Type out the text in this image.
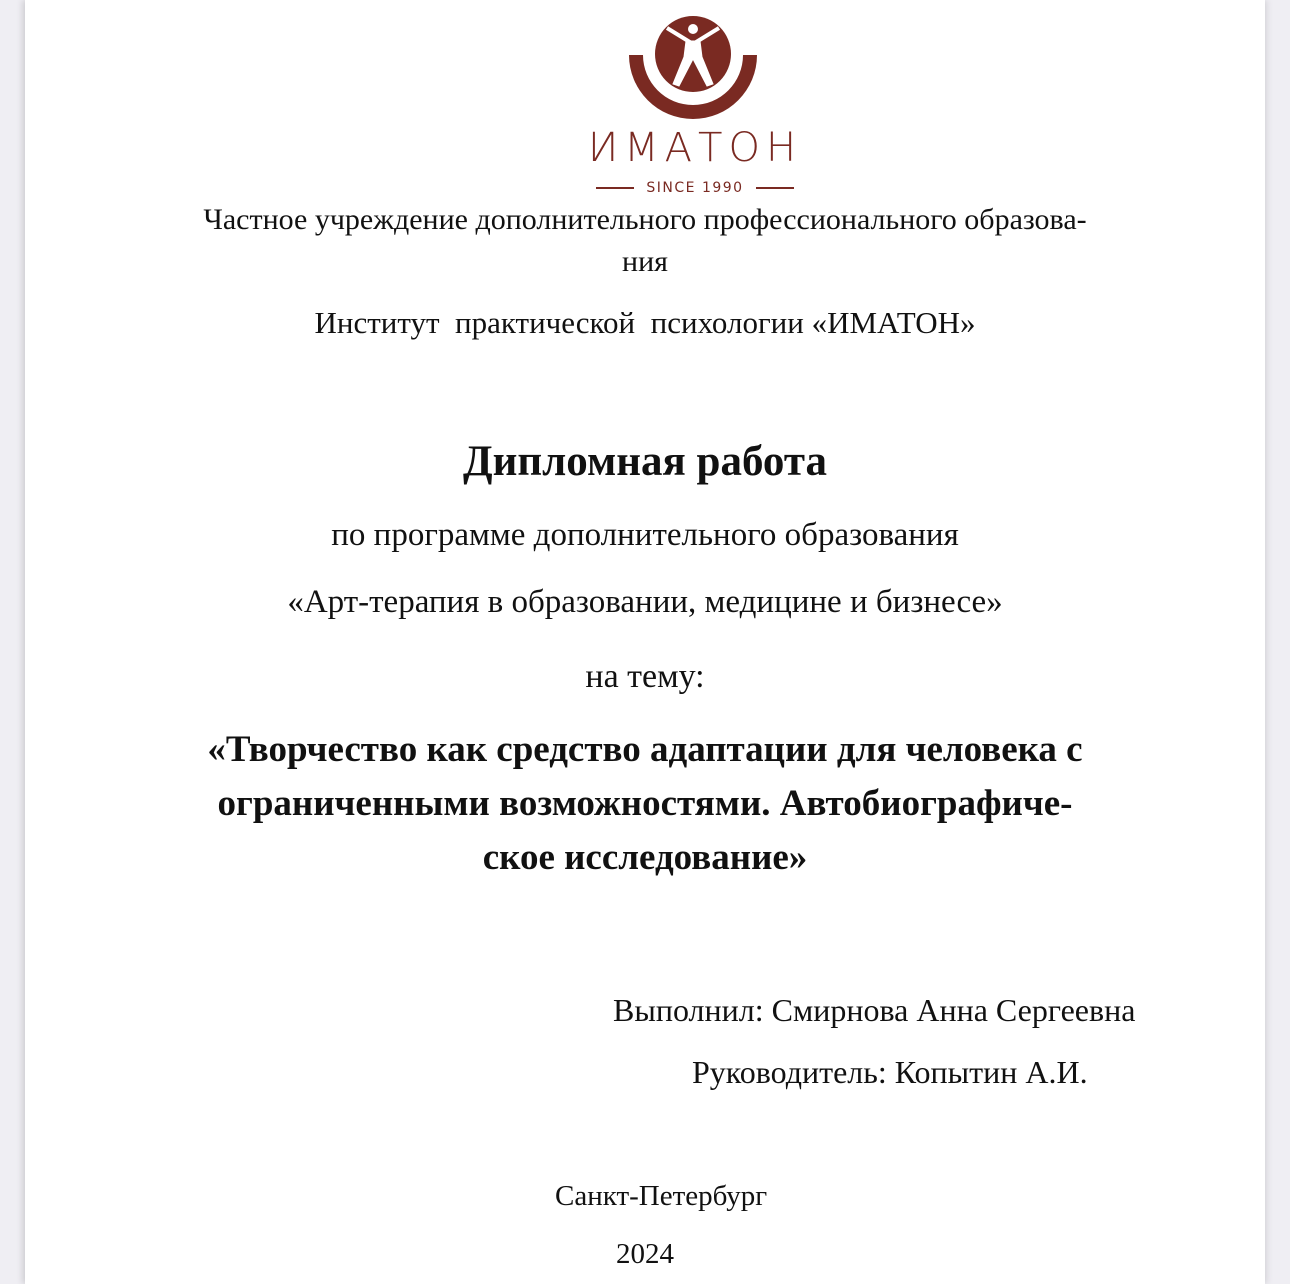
ИМАТОН
SINCE 1990
Частное учреждение дополнительного профессионального образова-
ния
Институт  практической  психологии «ИМАТОН»
Дипломная работа
по программе дополнительного образования
«Арт-терапия в образовании, медицине и бизнесе»
на тему:
«Творчество как средство адаптации для человека с
ограниченными возможностями. Автобиографиче-
ское исследование»
Выполнил: Смирнова Анна Сергеевна
Руководитель: Копытин А.И.
Санкт-Петербург
2024
